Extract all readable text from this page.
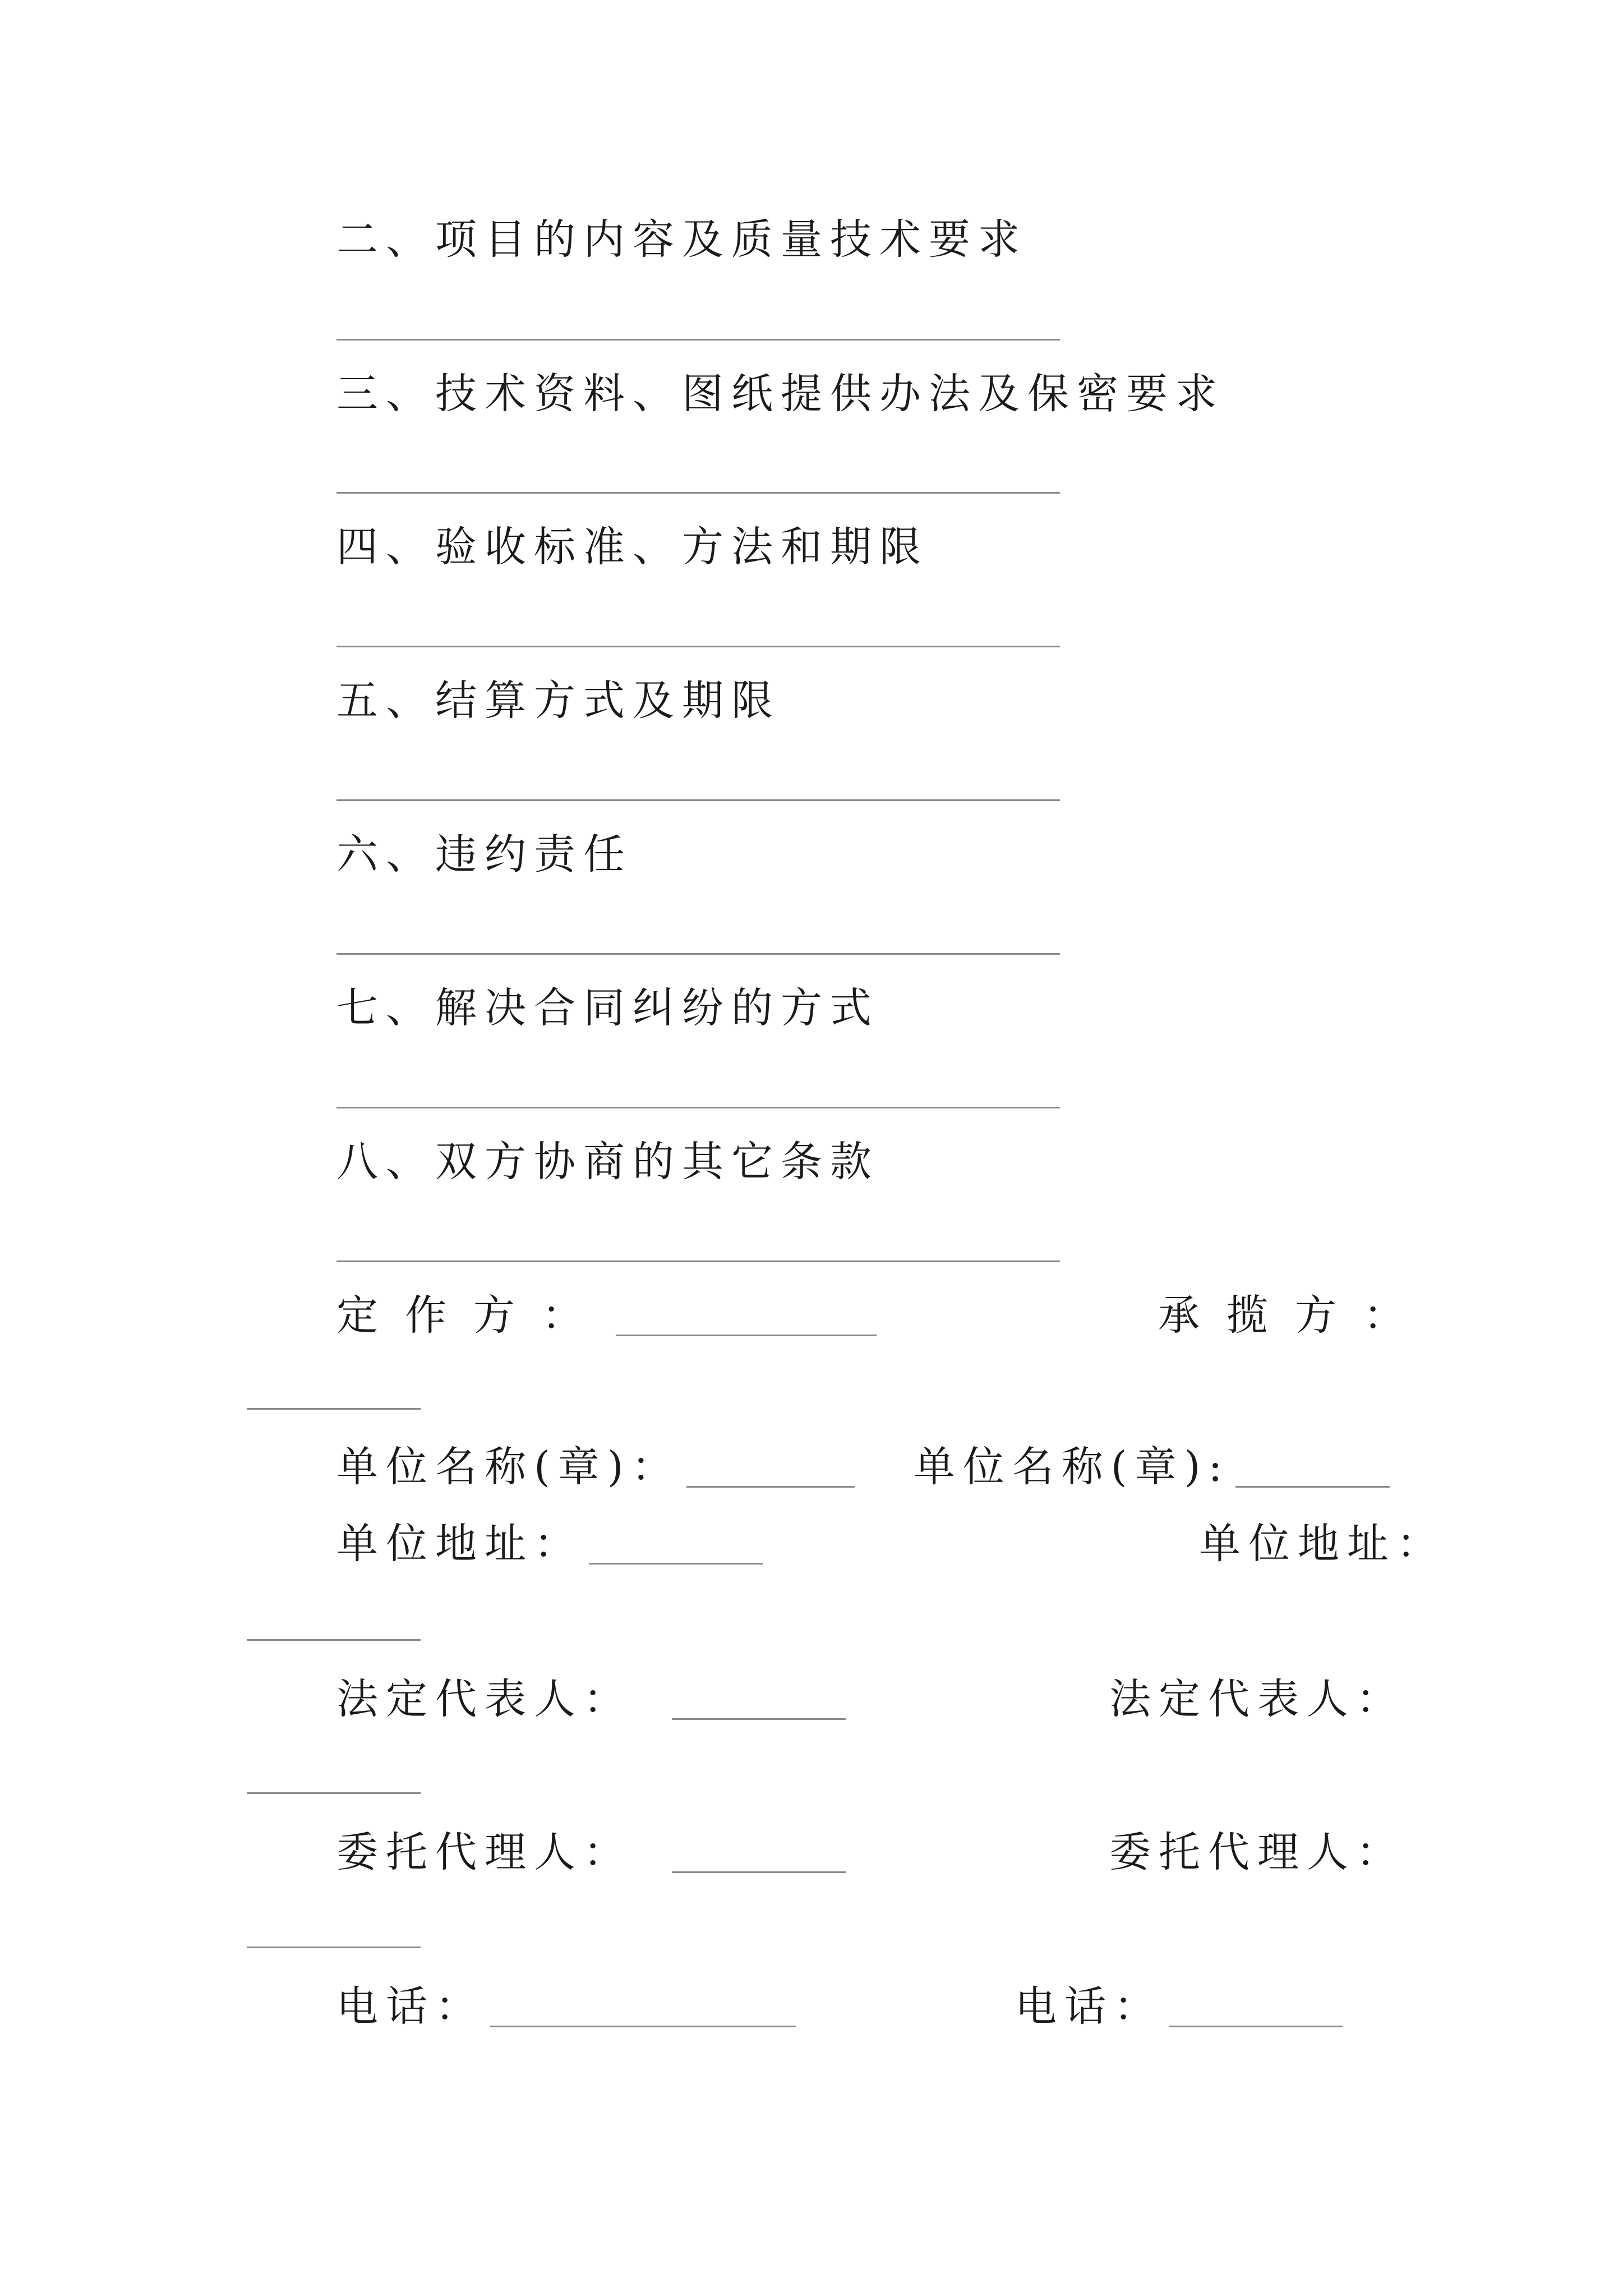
二、项目的内容及质量技术要求
三、技术资料、图纸提供办法及保密要求
四、验收标准、方法和期限
五、结算方式及期限
六、违约责任
七、解决合同纠纷的方式
八、双方协商的其它条款
定作方：	承揽方：
单位名称(章)：	单位名称(章):
单位地址：	单位地址：
法定代表人：	法定代表人：
委托代理人：	委托代理人：
电话：	电话：
